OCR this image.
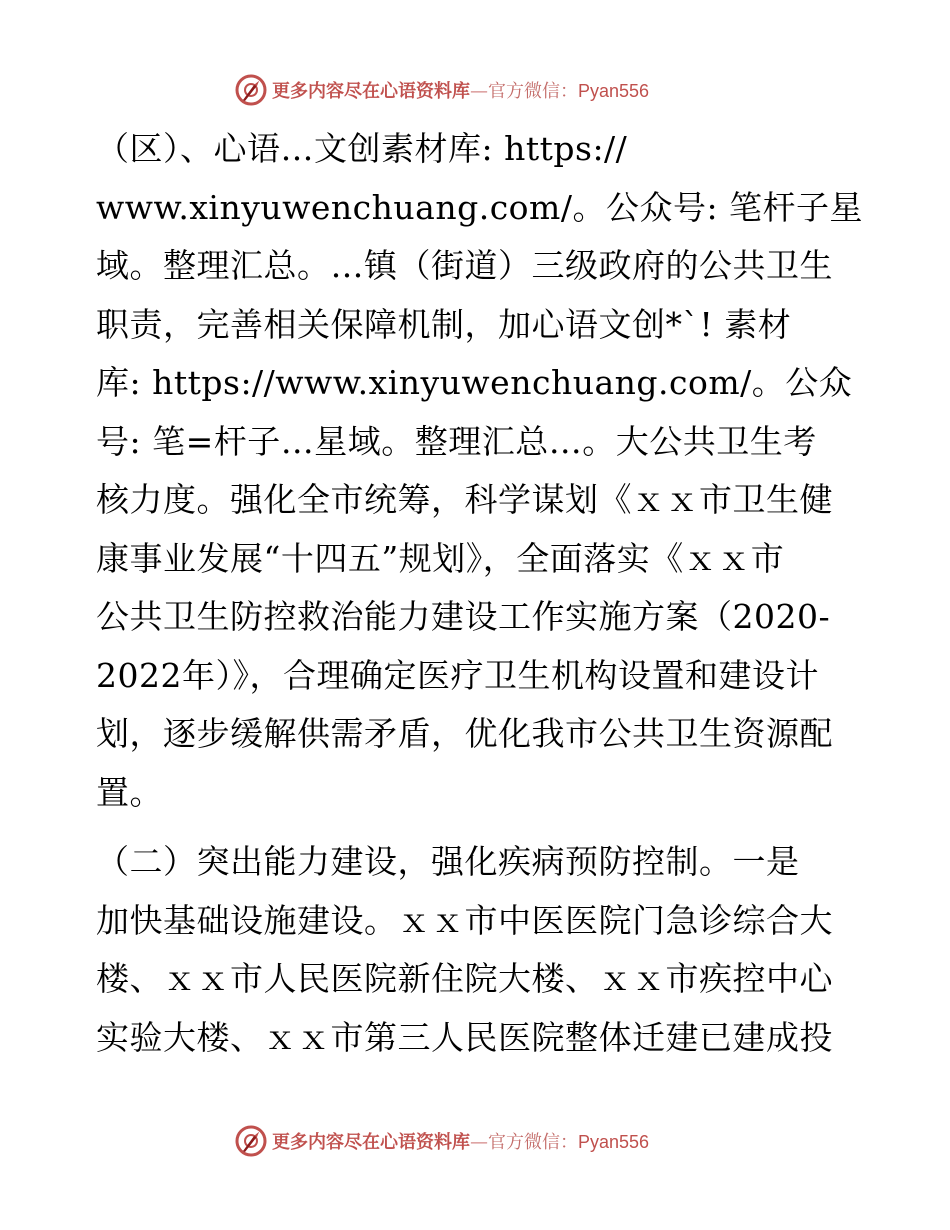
更多内容尽在心语资料库—官方微信：Pyan556
（区）、心语…文创素材库: https://
www.xinyuwenchuang.com/。公众号: 笔杆子星
域。整理汇总。…镇（街道）三级政府的公共卫生
职责，完善相关保障机制，加心语文创*`! 素材
库: https://www.xinyuwenchuang.com/。公众
号: 笔=杆子…星域。整理汇总…。大公共卫生考
核力度。强化全市统筹，科学谋划《ｘｘ市卫生健
康事业发展“十四五”规划》，全面落实《ｘｘ市
公共卫生防控救治能力建设工作实施方案（2020-
2022年）》，合理确定医疗卫生机构设置和建设计
划，逐步缓解供需矛盾，优化我市公共卫生资源配
置。
（二）突出能力建设，强化疾病预防控制。一是
加快基础设施建设。ｘｘ市中医医院门急诊综合大
楼、ｘｘ市人民医院新住院大楼、ｘｘ市疾控中心
实验大楼、ｘｘ市第三人民医院整体迁建已建成投
更多内容尽在心语资料库—官方微信：Pyan556
